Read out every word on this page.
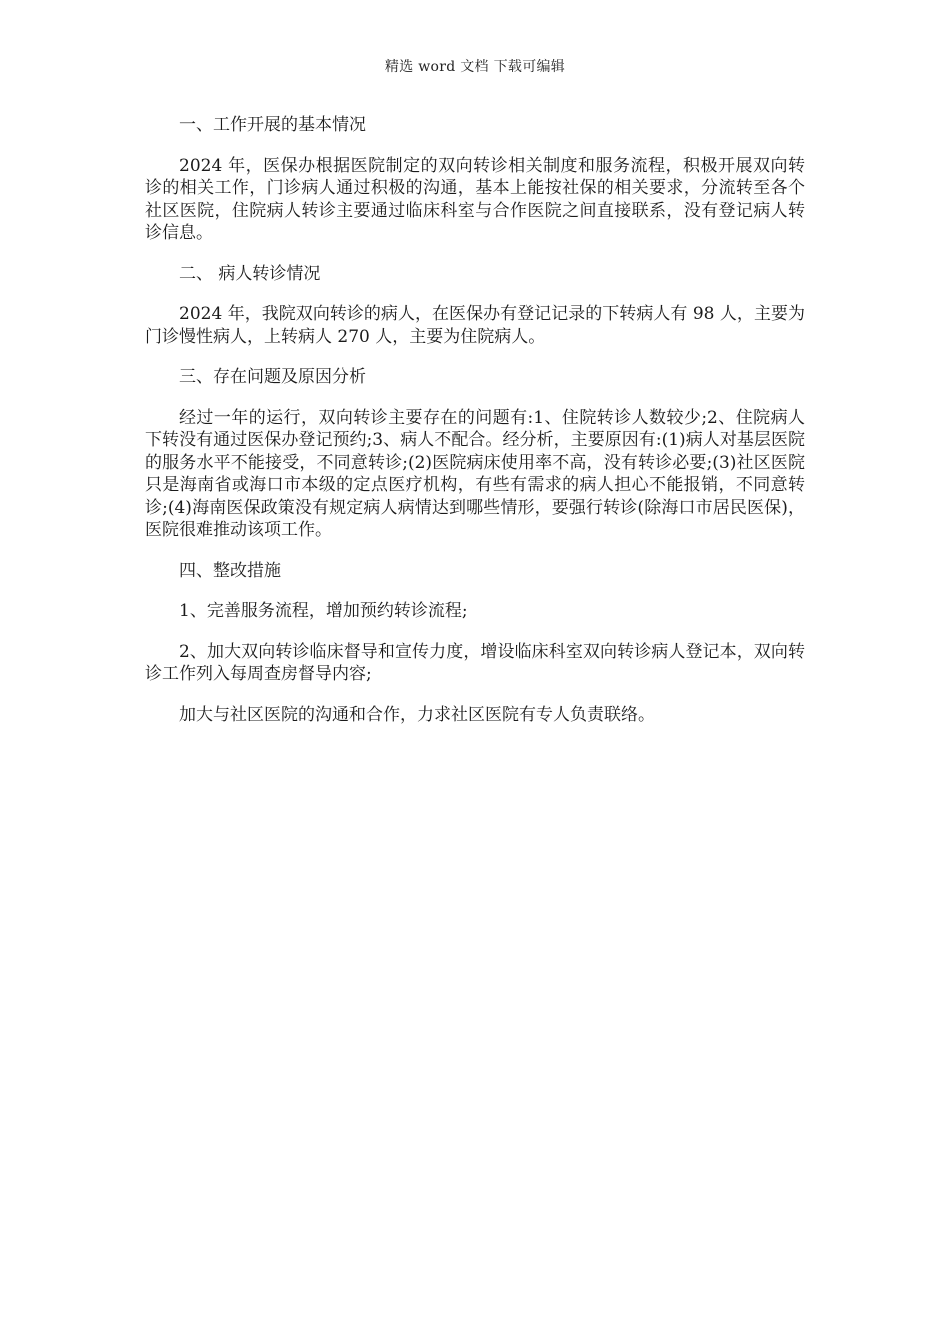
精选 word 文档 下载可编辑

一、工作开展的基本情况

2024 年，医保办根据医院制定的双向转诊相关制度和服务流程，积极开展双向转诊的相关工作，门诊病人通过积极的沟通，基本上能按社保的相关要求，分流转至各个社区医院，住院病人转诊主要通过临床科室与合作医院之间直接联系，没有登记病人转诊信息。

二、 病人转诊情况

2024 年，我院双向转诊的病人，在医保办有登记记录的下转病人有 98 人，主要为门诊慢性病人，上转病人 270 人，主要为住院病人。

三、存在问题及原因分析

经过一年的运行，双向转诊主要存在的问题有:1、住院转诊人数较少;2、住院病人下转没有通过医保办登记预约;3、病人不配合。经分析，主要原因有:(1)病人对基层医院的服务水平不能接受，不同意转诊;(2)医院病床使用率不高，没有转诊必要;(3)社区医院只是海南省或海口市本级的定点医疗机构，有些有需求的病人担心不能报销，不同意转诊;(4)海南医保政策没有规定病人病情达到哪些情形，要强行转诊(除海口市居民医保)，医院很难推动该项工作。

四、整改措施

1、完善服务流程，增加预约转诊流程;

2、加大双向转诊临床督导和宣传力度，增设临床科室双向转诊病人登记本，双向转诊工作列入每周查房督导内容;

加大与社区医院的沟通和合作，力求社区医院有专人负责联络。
